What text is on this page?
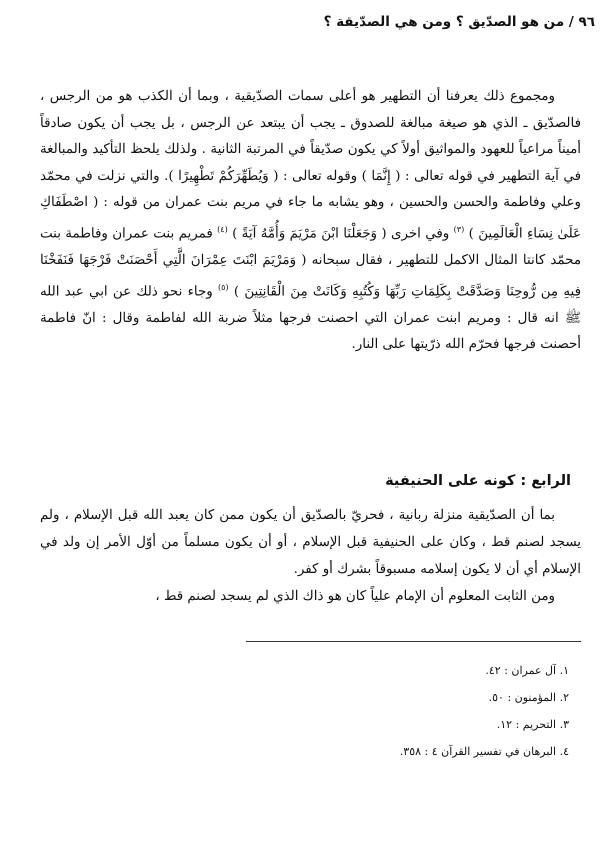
٩٦ / من هو الصدّيق ؟ ومن هي الصدّيقة ؟

ومجموع ذلك يعرفنا أن التطهير هو أعلى سمات الصدّيقية ، وبما أن الكذب هو من الرجس ، فالصدّيق ـ الذي هو صيغة مبالغة للصدوق ـ يجب أن يبتعد عن الرجس ، بل يجب أن يكون صادقاً أميناً مراعياً للعهود والمواثيق أولاً كي يكون صدّيقاً في المرتبة الثانية . ولذلك يلحظ التأكيد والمبالغة في آية التطهير في قوله تعالى : ( إِنَّمَا ) وقوله تعالى : ( وَيُطَهِّرَكُمْ تَطْهِيرًا ). والتي نزلت في محمّد وعلي وفاطمة والحسن والحسين ، وهو يشابه ما جاء في مريم بنت عمران من قوله : ( اصْطَفَاكِ عَلَىٰ نِسَاءِ الْعَالَمِينَ ) $^{(٣)}$ وفي اخرى ( وَجَعَلْنَا ابْنَ مَرْيَمَ وَأُمَّهُ آيَةً ) $^{(٤)}$ فمريم بنت عمران وفاطمة بنت محمّد كانتا المثال الاكمل للتطهير ، فقال سبحانه ( وَمَرْيَمَ ابْنَتَ عِمْرَانَ الَّتِي أَحْصَنَتْ فَرْجَهَا فَنَفَخْنَا فِيهِ مِن رُّوحِنَا وَصَدَّقَتْ بِكَلِمَاتِ رَبِّهَا وَكُتُبِهِ وَكَانَتْ مِنَ الْقَانِتِينَ ) $^{(٥)}$ وجاء نحو ذلك عن ابي عبد الله ﷺ انه قال : ومريم ابنت عمران التي احصنت فرجها مثلاً ضربة الله لفاطمة وقال : انّ فاطمة أحصنت فرجها فحرّم الله ذرّيتها على النار.

الرابع : كونه على الحنيفية

بما أن الصدّيقية منزلة ربانية ، فحريّ بالصدّيق أن يكون ممن كان يعبد الله قبل الإسلام ، ولم يسجد لصنم قط ، وكان على الحنيفية قبل الإسلام ، أو أن يكون مسلماً من أوّل الأمر إن ولد في الإسلام أي أن لا يكون إسلامه مسبوقاً بشرك أو كفر.

ومن الثابت المعلوم أن الإمام علياً كان هو ذاك الذي لم يسجد لصنم قط ،

١. آل عمران : ٤٢.
٢. المؤمنون : ٥٠.
٣. التحريم : ١٢.
٤. البرهان في تفسير القرآن ٤ : ٣٥٨.
